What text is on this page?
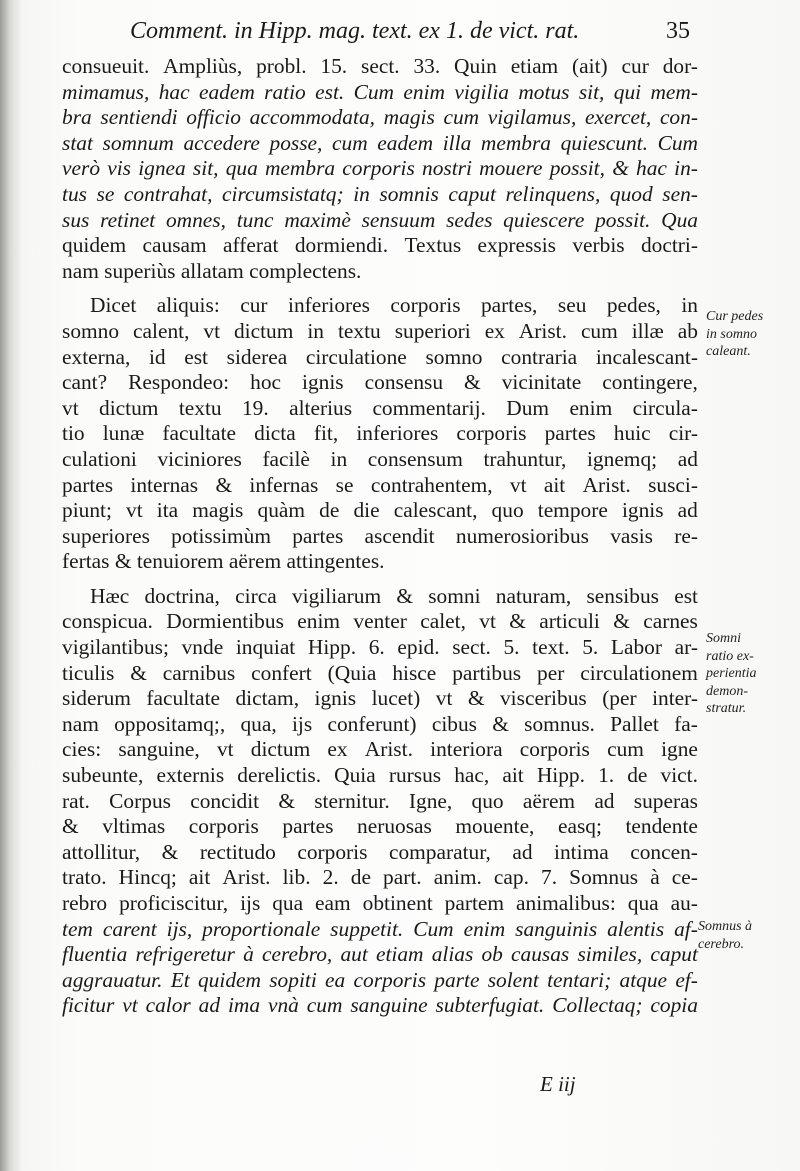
Comment. in Hipp. mag. text. ex 1. de vict. rat.	35
consueuit. Ampliùs, probl. 15. sect. 33. Quin etiam (ait) cur dor-
mimamus, hac eadem ratio est. Cum enim vigilia motus sit, qui mem-
bra sentiendi officio accommodata, magis cum vigilamus, exercet, con-
stat somnum accedere posse, cum eadem illa membra quiescunt. Cum
verò vis ignea sit, qua membra corporis nostri mouere possit, & hac in-
tus se contrahat, circumsistatq; in somnis caput relinquens, quod sen-
sus retinet omnes, tunc maximè sensuum sedes quiescere possit. Qua
quidem causam afferat dormiendi. Textus expressis verbis doctri-
nam superiùs allatam complectens.
Dicet aliquis: cur inferiores corporis partes, seu pedes, in
somno calent, vt dictum in textu superiori ex Arist. cum illæ ab
externa, id est siderea circulatione somno contraria incalescant-
cant? Respondeo: hoc ignis consensu & vicinitate contingere,
vt dictum textu 19. alterius commentarij. Dum enim circula-
tio lunæ facultate dicta fit, inferiores corporis partes huic cir-
culationi viciniores facilè in consensum trahuntur, ignemq; ad
partes internas & infernas se contrahentem, vt ait Arist. susci-
piunt; vt ita magis quàm de die calescant, quo tempore ignis ad
superiores potissimùm partes ascendit numerosioribus vasis re-
fertas & tenuiorem aërem attingentes.
Hæc doctrina, circa vigiliarum & somni naturam, sensibus est
conspicua. Dormientibus enim venter calet, vt & articuli & carnes
vigilantibus; vnde inquiat Hipp. 6. epid. sect. 5. text. 5. Labor ar-
ticulis & carnibus confert (Quia hisce partibus per circulationem
siderum facultate dictam, ignis lucet) vt & visceribus (per inter-
nam oppositamq;, qua, ijs conferunt) cibus & somnus. Pallet fa-
cies: sanguine, vt dictum ex Arist. interiora corporis cum igne
subeunte, externis derelictis. Quia rursus hac, ait Hipp. 1. de vict.
rat. Corpus concidit & sternitur. Igne, quo aërem ad superas
& vltimas corporis partes neruosas mouente, easq; tendente
attollitur, & rectitudo corporis comparatur, ad intima concen-
trato. Hincq; ait Arist. lib. 2. de part. anim. cap. 7. Somnus à ce-
rebro proficiscitur, ijs qua eam obtinent partem animalibus: qua au-
tem carent ijs, proportionale suppetit. Cum enim sanguinis alentis af-
fluentia refrigeretur à cerebro, aut etiam alias ob causas similes, caput
aggrauatur. Et quidem sopiti ea corporis parte solent tentari; atque ef-
ficitur vt calor ad ima vnà cum sanguine subterfugiat. Collectaq; copia
E iij
Cur pedes
in somno
caleant.
Somni
ratio ex-
perientia
demon-
stratur.
Somnus à
cerebro.
